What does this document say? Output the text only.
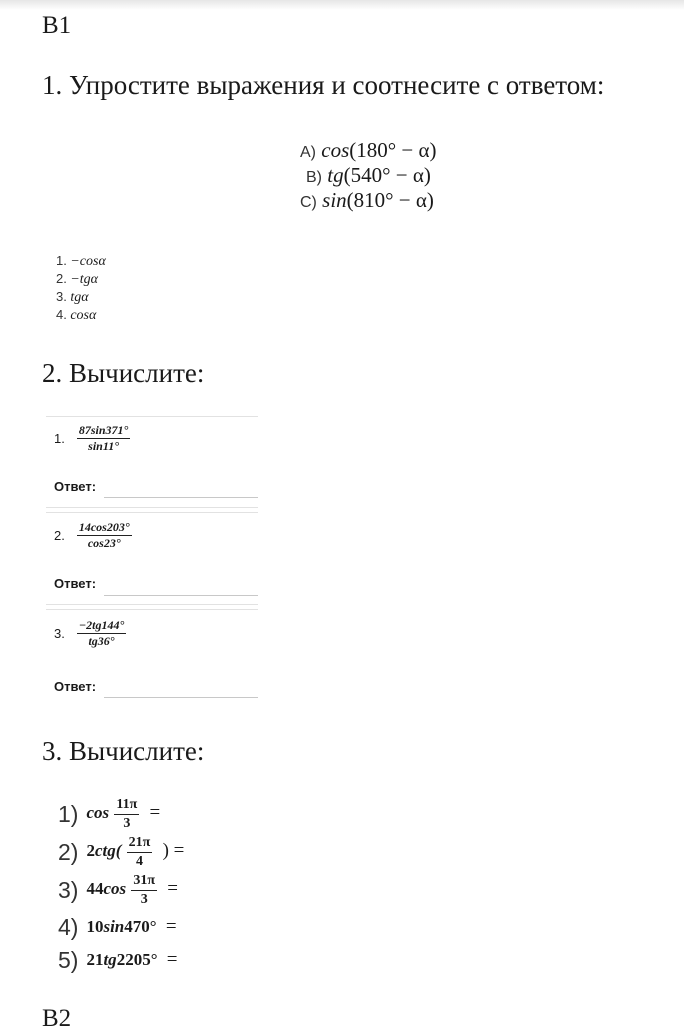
В1
1. Упростите выражения и соотнесите с ответом:
A) cos(180° − α)
B) tg(540° − α)
C) sin(810° − α)
1. −cosα
2. −tgα
3. tgα
4. cosα
2. Вычислите:
1. $\frac{87\sin 371^\circ}{\sin 11^\circ}$
Ответ:
2. $\frac{14\cos 203^\circ}{\cos 23^\circ}$
Ответ:
3. $\frac{-2tg144^\circ}{tg36^\circ}$
Ответ:
3. Вычислите:
1) $\cos \frac{11\pi}{3}$ =
2) $2ctg( \frac{21\pi}{4}$ ) =
3) $44\cos \frac{31\pi}{3}$ =
4) 10sin470° =
5) 21tg2205° =
В2
